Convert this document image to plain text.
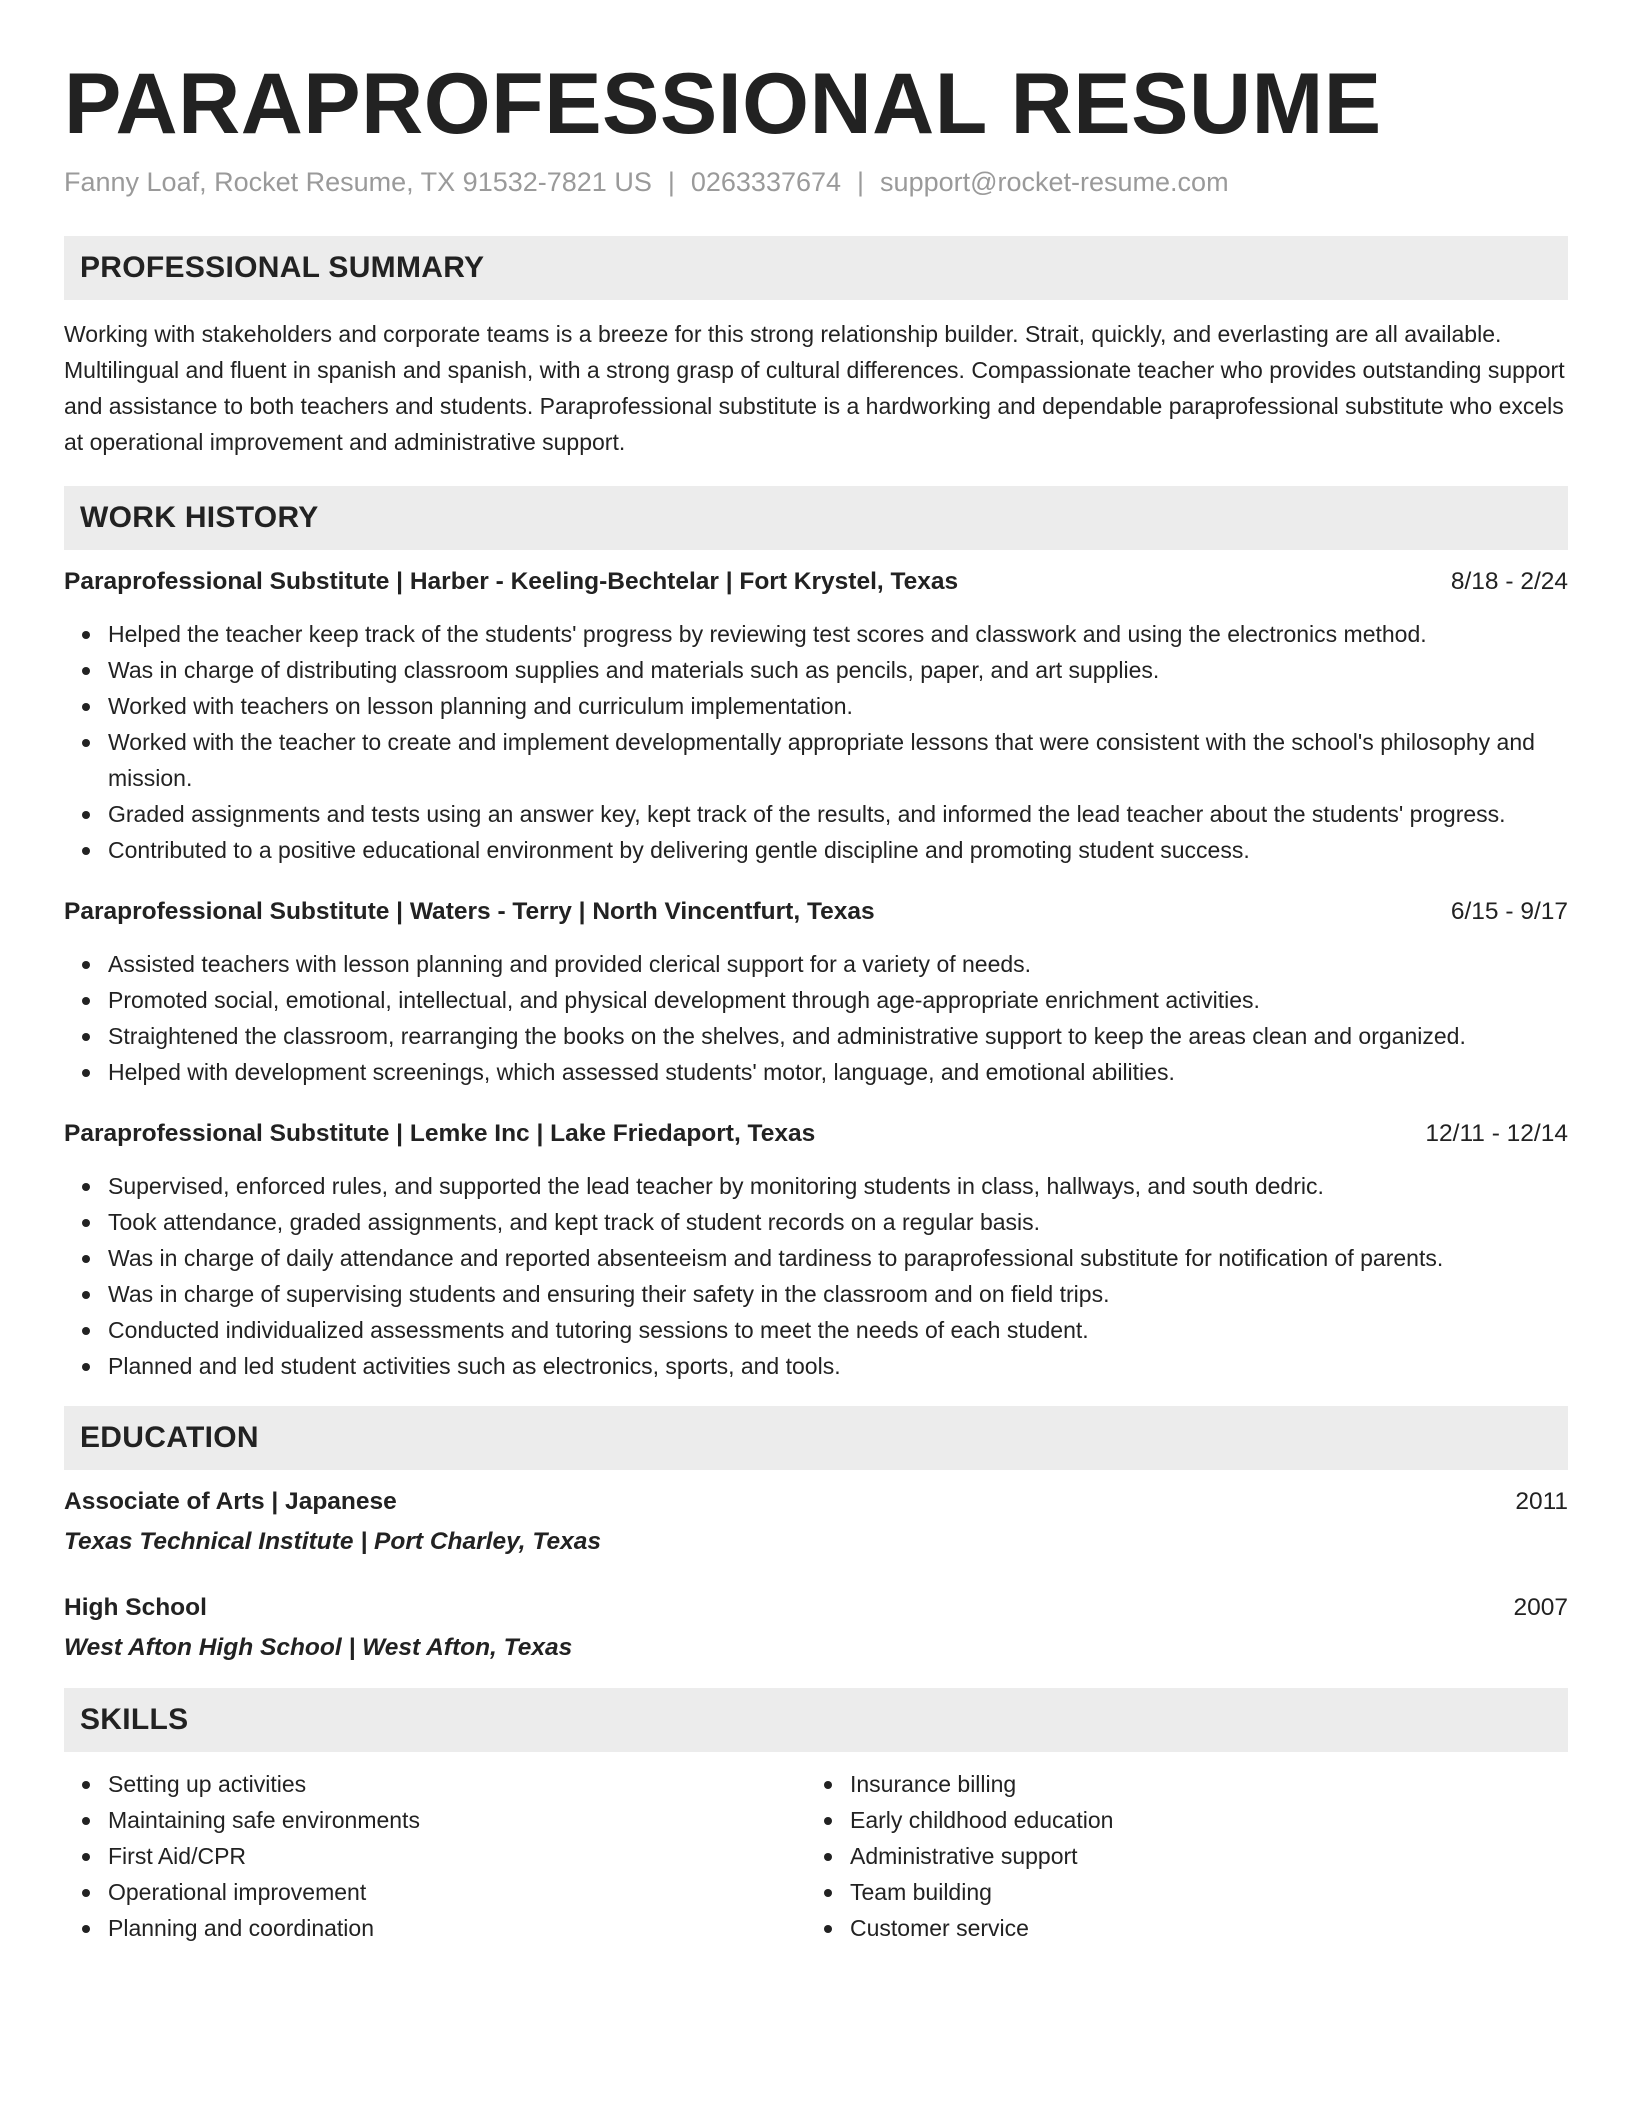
PARAPROFESSIONAL RESUME
Fanny Loaf, Rocket Resume, TX 91532-7821 US | 0263337674 | support@rocket-resume.com
PROFESSIONAL SUMMARY

Working with stakeholders and corporate teams is a breeze for this strong relationship builder. Strait, quickly, and everlasting are all available. Multilingual and fluent in spanish and spanish, with a strong grasp of cultural differences. Compassionate teacher who provides outstanding support and assistance to both teachers and students. Paraprofessional substitute is a hardworking and dependable paraprofessional substitute who excels at operational improvement and administrative support.

WORK HISTORY
Paraprofessional Substitute | Harber - Keeling-Bechtelar | Fort Krystel, Texas	8/18 - 2/24
Helped the teacher keep track of the students' progress by reviewing test scores and classwork and using the electronics method.
Was in charge of distributing classroom supplies and materials such as pencils, paper, and art supplies.
Worked with teachers on lesson planning and curriculum implementation.
Worked with the teacher to create and implement developmentally appropriate lessons that were consistent with the school's philosophy and mission.
Graded assignments and tests using an answer key, kept track of the results, and informed the lead teacher about the students' progress.
Contributed to a positive educational environment by delivering gentle discipline and promoting student success.
Paraprofessional Substitute | Waters - Terry | North Vincentfurt, Texas	6/15 - 9/17
Assisted teachers with lesson planning and provided clerical support for a variety of needs.
Promoted social, emotional, intellectual, and physical development through age-appropriate enrichment activities.
Straightened the classroom, rearranging the books on the shelves, and administrative support to keep the areas clean and organized.
Helped with development screenings, which assessed students' motor, language, and emotional abilities.
Paraprofessional Substitute | Lemke Inc | Lake Friedaport, Texas	12/11 - 12/14
Supervised, enforced rules, and supported the lead teacher by monitoring students in class, hallways, and south dedric.
Took attendance, graded assignments, and kept track of student records on a regular basis.
Was in charge of daily attendance and reported absenteeism and tardiness to paraprofessional substitute for notification of parents.
Was in charge of supervising students and ensuring their safety in the classroom and on field trips.
Conducted individualized assessments and tutoring sessions to meet the needs of each student.
Planned and led student activities such as electronics, sports, and tools.
EDUCATION
Associate of Arts | Japanese	2011
Texas Technical Institute | Port Charley, Texas
High School	2007
West Afton High School | West Afton, Texas
SKILLS
Setting up activities
Maintaining safe environments
First Aid/CPR
Operational improvement
Planning and coordination
Insurance billing
Early childhood education
Administrative support
Team building
Customer service
